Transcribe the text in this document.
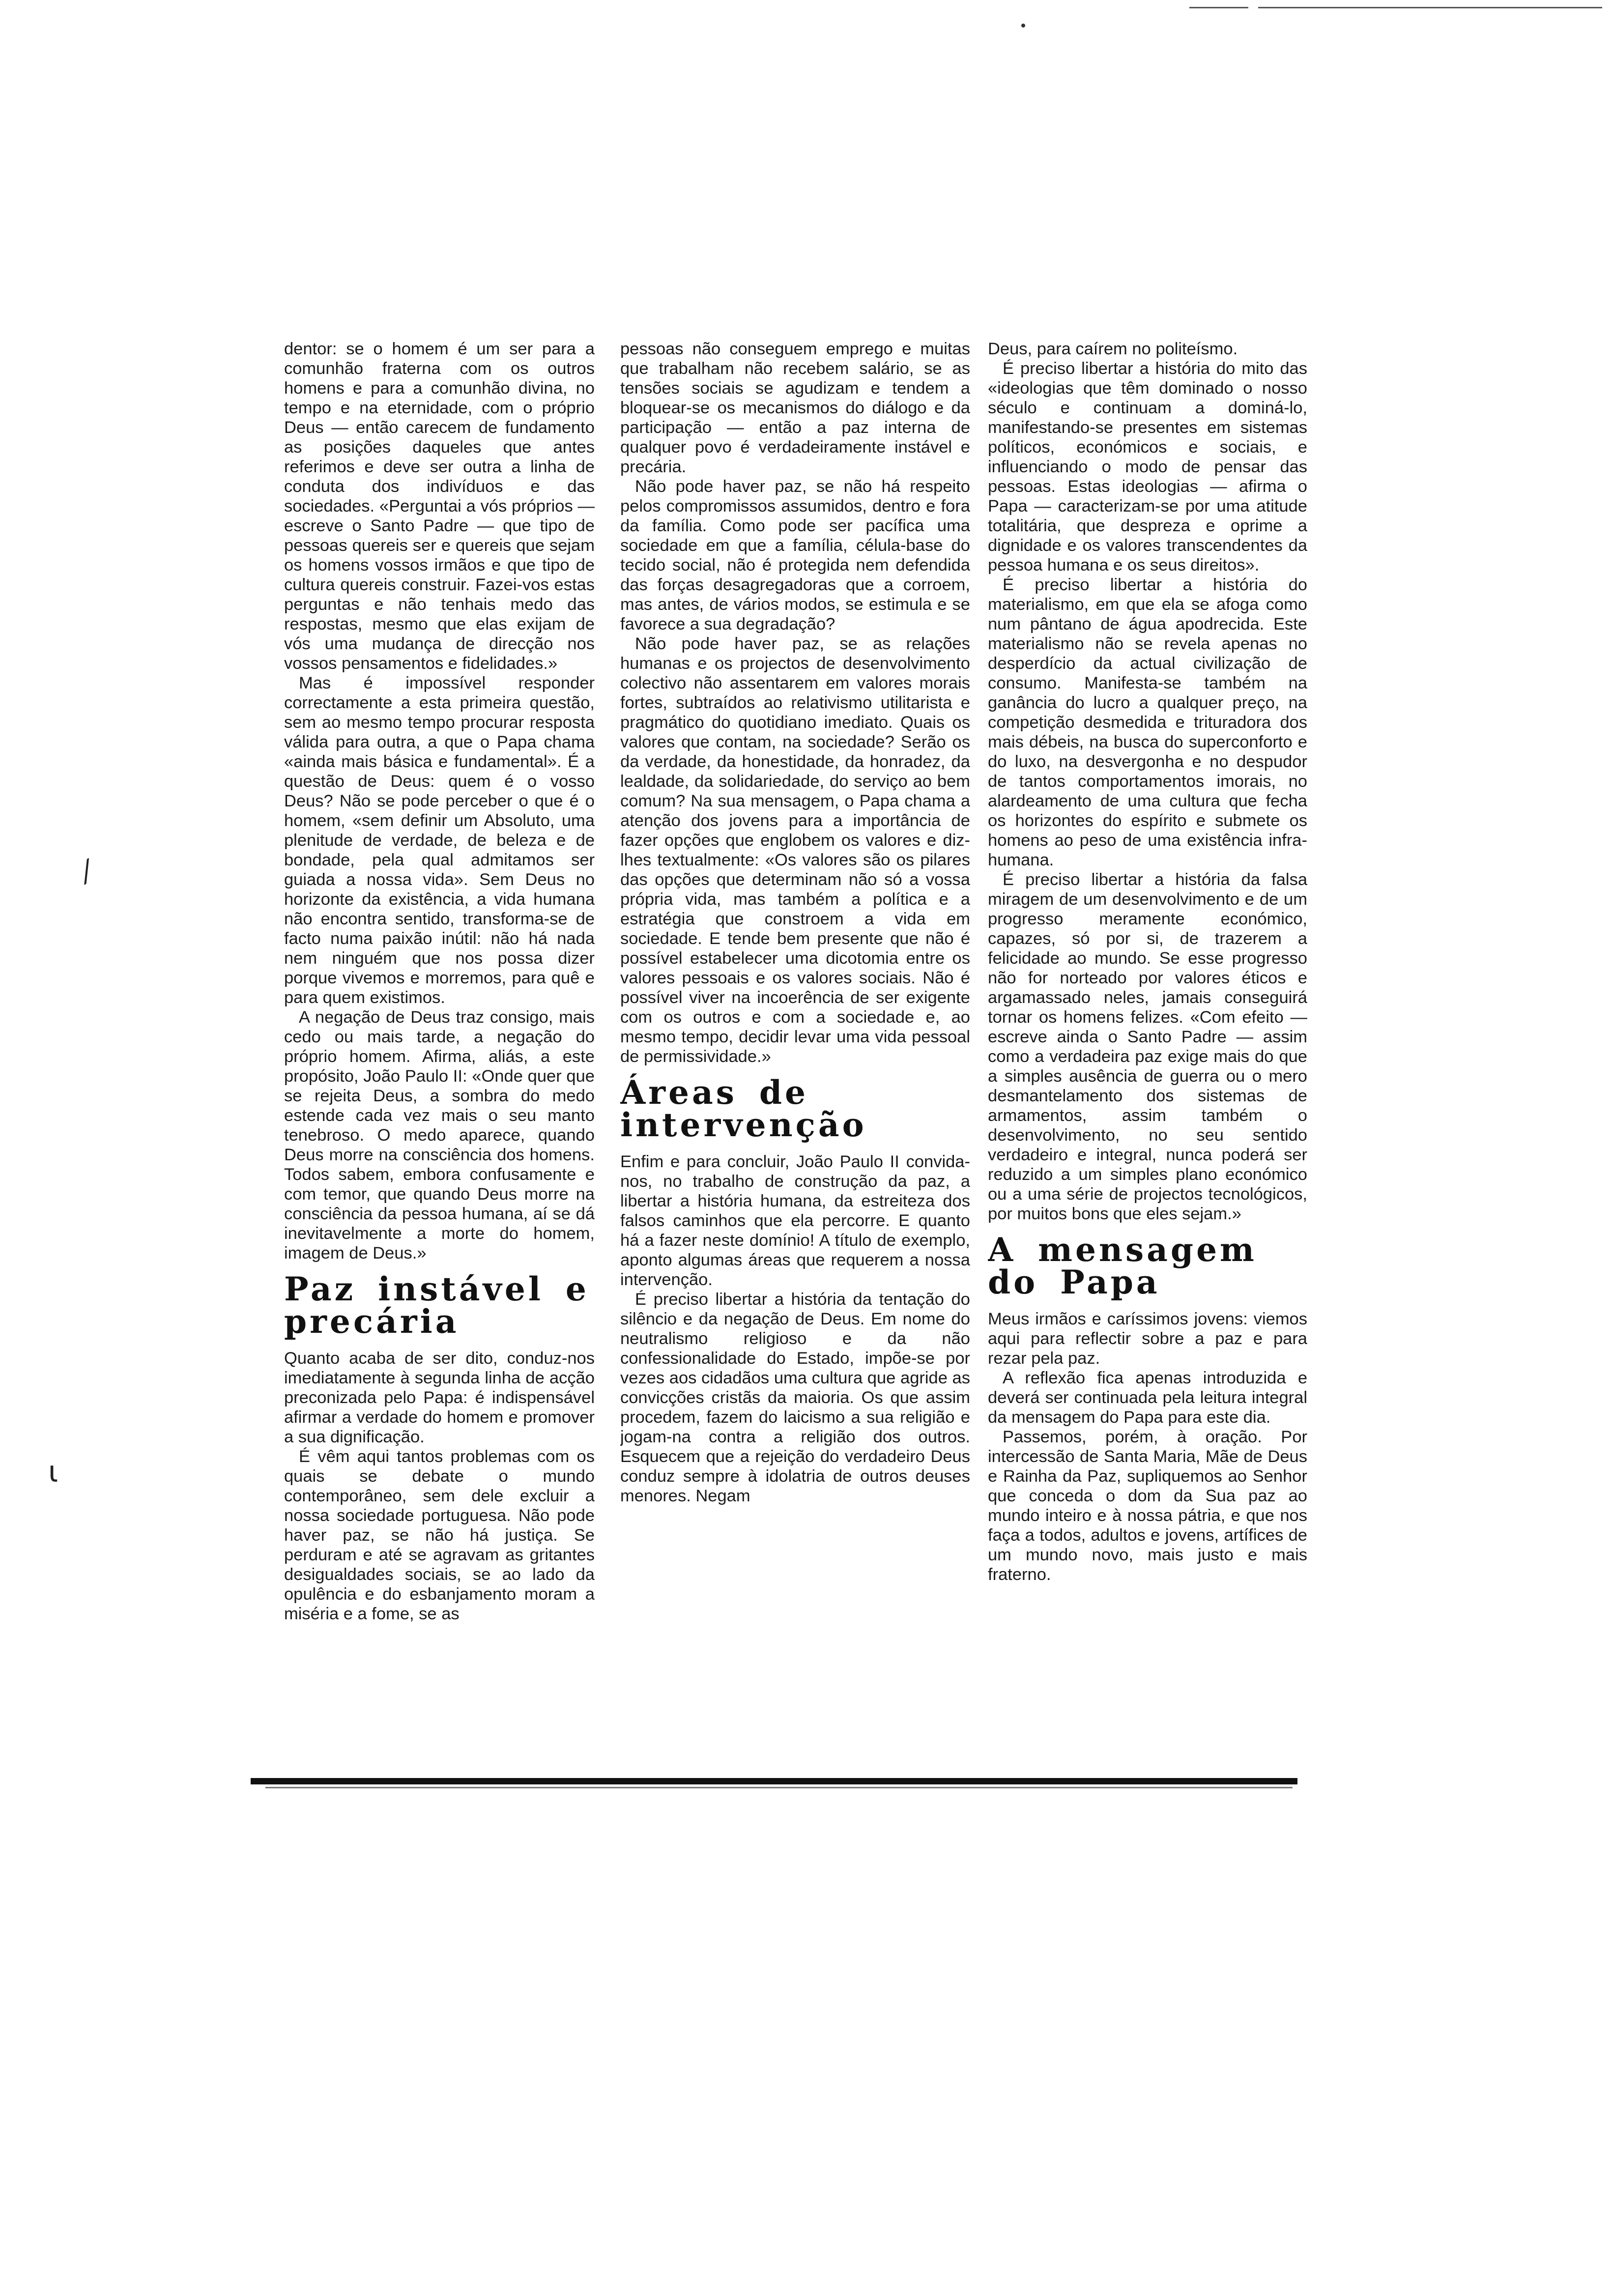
⁄
ɩ

dentor: se o homem é um ser para a comunhão fraterna com os outros homens e para a comunhão divina, no tempo e na eternidade, com o próprio Deus — então carecem de fundamento as posições daqueles que antes referimos e deve ser outra a linha de conduta dos indivíduos e das sociedades. «Perguntai a vós próprios — escreve o Santo Padre — que tipo de pessoas quereis ser e quereis que sejam os homens vossos irmãos e que tipo de cultura quereis construir. Fazei-vos estas perguntas e não tenhais medo das respostas, mesmo que elas exijam de vós uma mudança de direcção nos vossos pensamentos e fidelidades.»

Mas é impossível responder correctamente a esta primeira questão, sem ao mesmo tempo procurar resposta válida para outra, a que o Papa chama «ainda mais básica e fundamental». É a questão de Deus: quem é o vosso Deus? Não se pode perceber o que é o homem, «sem definir um Absoluto, uma plenitude de verdade, de beleza e de bondade, pela qual admitamos ser guiada a nossa vida». Sem Deus no horizonte da existência, a vida humana não encontra sentido, transforma-se de facto numa paixão inútil: não há nada nem ninguém que nos possa dizer porque vivemos e morremos, para quê e para quem existimos.

A negação de Deus traz consigo, mais cedo ou mais tarde, a negação do próprio homem. Afirma, aliás, a este propósito, João Paulo II: «Onde quer que se rejeita Deus, a sombra do medo estende cada vez mais o seu manto tenebroso. O medo aparece, quando Deus morre na consciência dos homens. Todos sabem, embora confusamente e com temor, que quando Deus morre na consciência da pessoa humana, aí se dá inevitavelmente a morte do homem, imagem de Deus.»

Paz instável e precária

Quanto acaba de ser dito, conduz-nos imediatamente à segunda linha de acção preconizada pelo Papa: é indispensável afirmar a verdade do homem e promover a sua dignificação.

É vêm aqui tantos problemas com os quais se debate o mundo contemporâneo, sem dele excluir a nossa sociedade portuguesa. Não pode haver paz, se não há justiça. Se perduram e até se agravam as gritantes desigualdades sociais, se ao lado da opulência e do esbanjamento moram a miséria e a fome, se as

pessoas não conseguem emprego e muitas que trabalham não recebem salário, se as tensões sociais se agudizam e tendem a bloquear-se os mecanismos do diálogo e da participação — então a paz interna de qualquer povo é verdadeiramente instável e precária.

Não pode haver paz, se não há respeito pelos compromissos assumidos, dentro e fora da família. Como pode ser pacífica uma sociedade em que a família, célula-base do tecido social, não é protegida nem defendida das forças desagregadoras que a corroem, mas antes, de vários modos, se estimula e se favorece a sua degradação?

Não pode haver paz, se as relações humanas e os projectos de desenvolvimento colectivo não assentarem em valores morais fortes, subtraídos ao relativismo utilitarista e pragmático do quotidiano imediato. Quais os valores que contam, na sociedade? Serão os da verdade, da honestidade, da honradez, da lealdade, da solidariedade, do serviço ao bem comum? Na sua mensagem, o Papa chama a atenção dos jovens para a importância de fazer opções que englobem os valores e diz-lhes textualmente: «Os valores são os pilares das opções que determinam não só a vossa própria vida, mas também a política e a estratégia que constroem a vida em sociedade. E tende bem presente que não é possível estabelecer uma dicotomia entre os valores pessoais e os valores sociais. Não é possível viver na incoerência de ser exigente com os outros e com a sociedade e, ao mesmo tempo, decidir levar uma vida pessoal de permissividade.»

Áreas de intervenção

Enfim e para concluir, João Paulo II convida-nos, no trabalho de construção da paz, a libertar a história humana, da estreiteza dos falsos caminhos que ela percorre. E quanto há a fazer neste domínio! A título de exemplo, aponto algumas áreas que requerem a nossa intervenção.

É preciso libertar a história da tentação do silêncio e da negação de Deus. Em nome do neutralismo religioso e da não confessionalidade do Estado, impõe-se por vezes aos cidadãos uma cultura que agride as convicções cristãs da maioria. Os que assim procedem, fazem do laicismo a sua religião e jogam-na contra a religião dos outros. Esquecem que a rejeição do verdadeiro Deus conduz sempre à idolatria de outros deuses menores. Negam

Deus, para caírem no politeísmo.

É preciso libertar a história do mito das «ideologias que têm dominado o nosso século e continuam a dominá-lo, manifestando-se presentes em sistemas políticos, económicos e sociais, e influenciando o modo de pensar das pessoas. Estas ideologias — afirma o Papa — caracterizam-se por uma atitude totalitária, que despreza e oprime a dignidade e os valores transcendentes da pessoa humana e os seus direitos».

É preciso libertar a história do materialismo, em que ela se afoga como num pântano de água apodrecida. Este materialismo não se revela apenas no desperdício da actual civilização de consumo. Manifesta-se também na ganância do lucro a qualquer preço, na competição desmedida e trituradora dos mais débeis, na busca do superconforto e do luxo, na desvergonha e no despudor de tantos comportamentos imorais, no alardeamento de uma cultura que fecha os horizontes do espírito e submete os homens ao peso de uma existência infra-humana.

É preciso libertar a história da falsa miragem de um desenvolvimento e de um progresso meramente económico, capazes, só por si, de trazerem a felicidade ao mundo. Se esse progresso não for norteado por valores éticos e argamassado neles, jamais conseguirá tornar os homens felizes. «Com efeito — escreve ainda o Santo Padre — assim como a verdadeira paz exige mais do que a simples ausência de guerra ou o mero desmantelamento dos sistemas de armamentos, assim também o desenvolvimento, no seu sentido verdadeiro e integral, nunca poderá ser reduzido a um simples plano económico ou a uma série de projectos tecnológicos, por muitos bons que eles sejam.»

A mensagem do Papa

Meus irmãos e caríssimos jovens: viemos aqui para reflectir sobre a paz e para rezar pela paz.

A reflexão fica apenas introduzida e deverá ser continuada pela leitura integral da mensagem do Papa para este dia.

Passemos, porém, à oração. Por intercessão de Santa Maria, Mãe de Deus e Rainha da Paz, supliquemos ao Senhor que conceda o dom da Sua paz ao mundo inteiro e à nossa pátria, e que nos faça a todos, adultos e jovens, artífices de um mundo novo, mais justo e mais fraterno.
